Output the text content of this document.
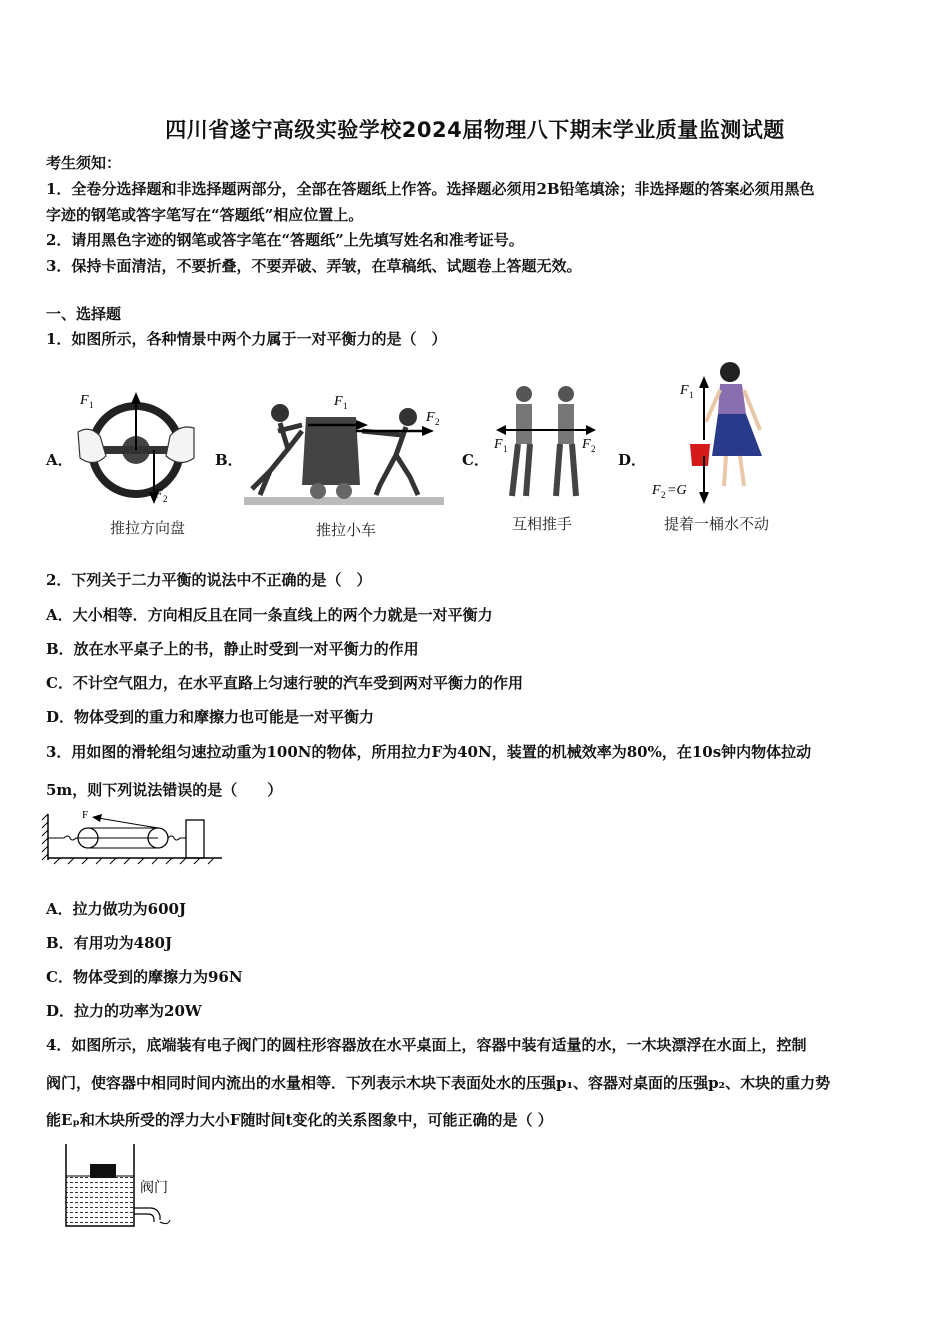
四川省遂宁高级实验学校2024届物理八下期末学业质量监测试题
考生须知：
1．全卷分选择题和非选择题两部分，全部在答题纸上作答。选择题必须用2B铅笔填涂；非选择题的答案必须用黑色
字迹的钢笔或答字笔写在“答题纸”相应位置上。
2．请用黑色字迹的钢笔或答字笔在“答题纸”上先填写姓名和准考证号。
3．保持卡面清洁，不要折叠，不要弄破、弄皱，在草稿纸、试题卷上答题无效。
一、选择题
1．如图所示，各种情景中两个力属于一对平衡力的是（　）
A．	B．	C．	D．
F 1
F 2
推拉方向盘
F 1
F 2
推拉小车
F 1	F 2
互相推手
F 1
F 2 =G
提着一桶水不动
2．下列关于二力平衡的说法中不正确的是（　）
A．大小相等．方向相反且在同一条直线上的两个力就是一对平衡力
B．放在水平桌子上的书，静止时受到一对平衡力的作用
C．不计空气阻力，在水平直路上匀速行驶的汽车受到两对平衡力的作用
D．物体受到的重力和摩擦力也可能是一对平衡力
3．用如图的滑轮组匀速拉动重为100N的物体，所用拉力F为40N，装置的机械效率为80%，在10s钟内物体拉动
5m，则下列说法错误的是（　　）
F
A．拉力做功为600J
B．有用功为480J
C．物体受到的摩擦力为96N
D．拉力的功率为20W
4．如图所示，底端装有电子阀门的圆柱形容器放在水平桌面上，容器中装有适量的水，一木块漂浮在水面上，控制
阀门，使容器中相同时间内流出的水量相等．下列表示木块下表面处水的压强p₁、容器对桌面的压强p₂、木块的重力势
能Eₚ和木块所受的浮力大小F随时间t变化的关系图象中，可能正确的是（ ）
阀门
